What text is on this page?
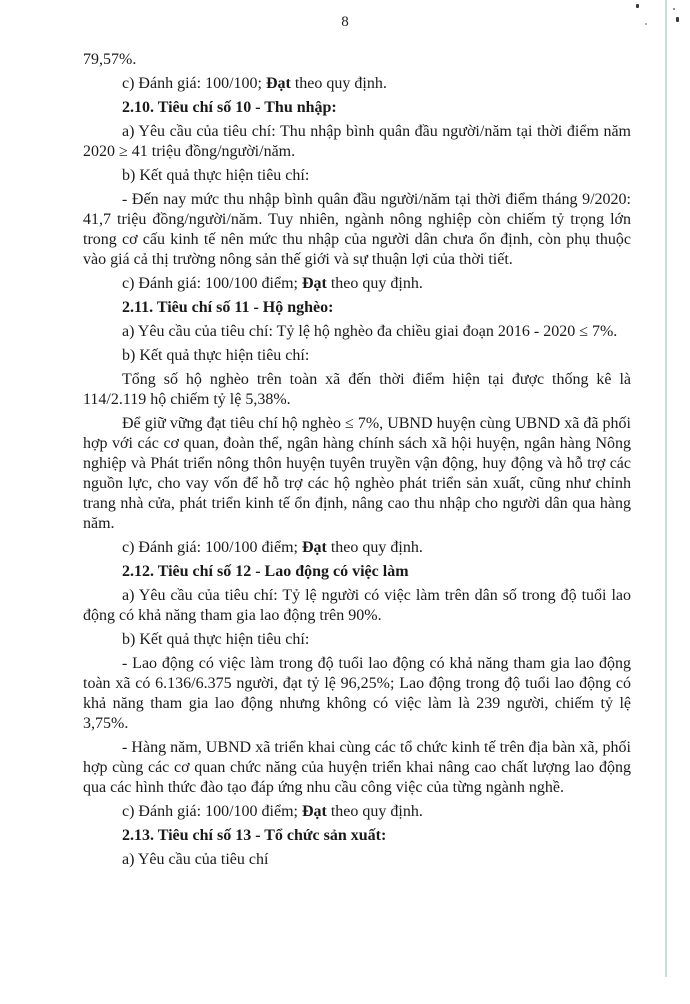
8

79,57%.

c) Đánh giá: 100/100; Đạt theo quy định.

2.10. Tiêu chí số 10 - Thu nhập:

a) Yêu cầu của tiêu chí: Thu nhập bình quân đầu người/năm tại thời điểm năm 2020 ≥ 41 triệu đồng/người/năm.

b) Kết quả thực hiện tiêu chí:

- Đến nay mức thu nhập bình quân đầu người/năm tại thời điểm tháng 9/2020: 41,7 triệu đồng/người/năm. Tuy nhiên, ngành nông nghiệp còn chiếm tỷ trọng lớn trong cơ cấu kinh tế nên mức thu nhập của người dân chưa ổn định, còn phụ thuộc vào giá cả thị trường nông sản thế giới và sự thuận lợi của thời tiết.

c) Đánh giá: 100/100 điểm; Đạt theo quy định.

2.11. Tiêu chí số 11 - Hộ nghèo:

a) Yêu cầu của tiêu chí: Tỷ lệ hộ nghèo đa chiều giai đoạn 2016 - 2020 ≤ 7%.

b) Kết quả thực hiện tiêu chí:

Tổng số hộ nghèo trên toàn xã đến thời điểm hiện tại được thống kê là 114/2.119 hộ chiếm tỷ lệ 5,38%.

Để giữ vững đạt tiêu chí hộ nghèo ≤ 7%, UBND huyện cùng UBND xã đã phối hợp với các cơ quan, đoàn thể, ngân hàng chính sách xã hội huyện, ngân hàng Nông nghiệp và Phát triển nông thôn huyện tuyên truyền vận động, huy động và hỗ trợ các nguồn lực, cho vay vốn để hỗ trợ các hộ nghèo phát triển sản xuất, cũng như chỉnh trang nhà cửa, phát triển kinh tế ổn định, nâng cao thu nhập cho người dân qua hàng năm.

c) Đánh giá: 100/100 điểm; Đạt theo quy định.

2.12. Tiêu chí số 12 - Lao động có việc làm

a) Yêu cầu của tiêu chí: Tỷ lệ người có việc làm trên dân số trong độ tuổi lao động có khả năng tham gia lao động trên 90%.

b) Kết quả thực hiện tiêu chí:

- Lao động có việc làm trong độ tuổi lao động có khả năng tham gia lao động toàn xã có 6.136/6.375 người, đạt tỷ lệ 96,25%; Lao động trong độ tuổi lao động có khả năng tham gia lao động nhưng không có việc làm là 239 người, chiếm tỷ lệ 3,75%.

- Hàng năm, UBND xã triển khai cùng các tổ chức kinh tế trên địa bàn xã, phối hợp cùng các cơ quan chức năng của huyện triển khai nâng cao chất lượng lao động qua các hình thức đào tạo đáp ứng nhu cầu công việc của từng ngành nghề.

c) Đánh giá: 100/100 điểm; Đạt theo quy định.

2.13. Tiêu chí số 13 - Tổ chức sản xuất:

a) Yêu cầu của tiêu chí
